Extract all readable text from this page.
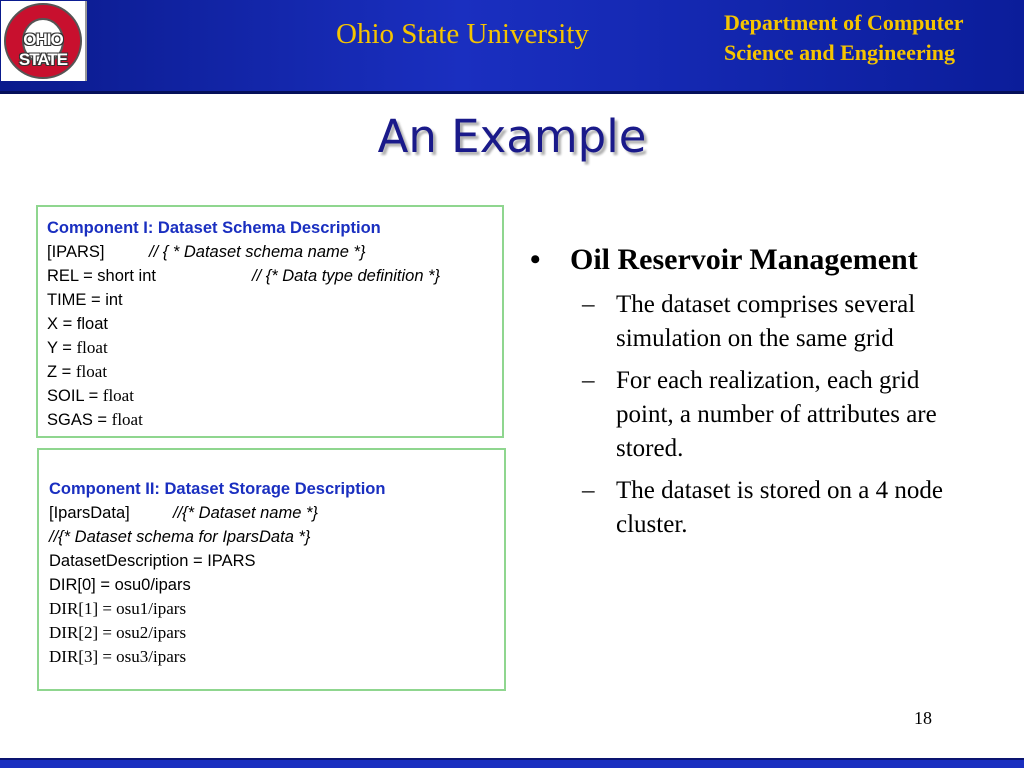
OHIO STATE
Ohio State University	Department of Computer
Science and Engineering
An Example
Component I: Dataset Schema Description
[IPARS]	// { * Dataset schema name *}
REL = short int	// {* Data type definition *}
TIME = int
X = float
Y = float
Z = float
SOIL = float
SGAS = float
Component II: Dataset Storage Description
[IparsData]	//{* Dataset name *}
//{* Dataset schema for IparsData *}
DatasetDescription = IPARS
DIR[0] = osu0/ipars
DIR[1] = osu1/ipars
DIR[2] = osu2/ipars
DIR[3] = osu3/ipars
• Oil Reservoir Management
– The dataset comprises several simulation on the same grid
– For each realization, each grid point, a number of attributes are stored.
– The dataset is stored on a 4 node cluster.
18
